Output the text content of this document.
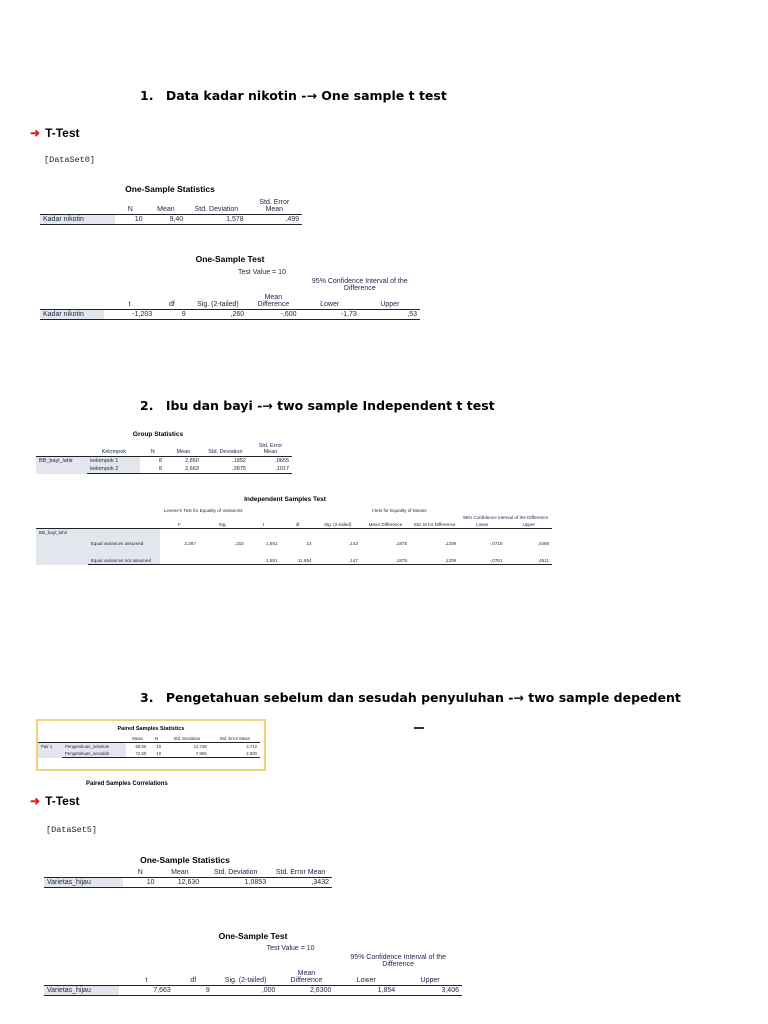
1. Data kadar nikotin -→ One sample t test
➜ T-Test
[DataSet0]
One-Sample Statistics
	N	Mean	Std. Deviation	Std. Error Mean
Kadar nikotin	10	9,40	1,578	,499
One-Sample Test
	Test Value = 10					
					95% Confidence Interval of the Difference	
	t	df	Sig. (2-tailed)	Mean Difference	Lower	Upper
Kadar nikotin	-1,203	9	,260	-,600	-1,73	,53
2. Ibu dan bayi -→ two sample Independent t test
Group Statistics
	Kelompok	N	Mean	Std. Deviation	Std. Error Mean
BB_bayi_lahir	kelompok 1	8	2,850	,1852	,0655
	kelompok 2	8	2,663	,2875	,1017
Independent Samples Test
		Levene's Test for Equality of Variances		t-test for Equality of Means						
									95% Confidence Interval of the Difference	
		F	Sig.	t	df	Sig. (2-tailed)	Mean Difference	Std. Error Difference	Lower	Upper
BB_bayi_lahir	Equal variances assumed	2,287	,153	1,551	14	,143	,1875	,1209	-,0718	,4468
	Equal variances not assumed			1,551	11,954	,147	,1875	,1209	-,0761	,4511
3. Pengetahuan sebelum dan sesudah penyuluhan -→ two sample depedent
Paired Samples Statistics
		Mean	N	Std. Deviation	Std. Error Mean
Pair 1	Pengetahuan_sebelum	66,00	10	11,738	3,712
	Pengetahuan_sesudah	72,50	10	7,906	2,500
Paired Samples Correlations
➜ T-Test
[DataSet5]
One-Sample Statistics
	N	Mean	Std. Deviation	Std. Error Mean
Varietas_hijau	10	12,630	1,0853	,3432
One-Sample Test
	Test Value = 10					
					95% Confidence Interval of the Difference	
	t	df	Sig. (2-tailed)	Mean Difference	Lower	Upper
Varietas_hijau	7,663	9	,000	2,6300	1,854	3,406
